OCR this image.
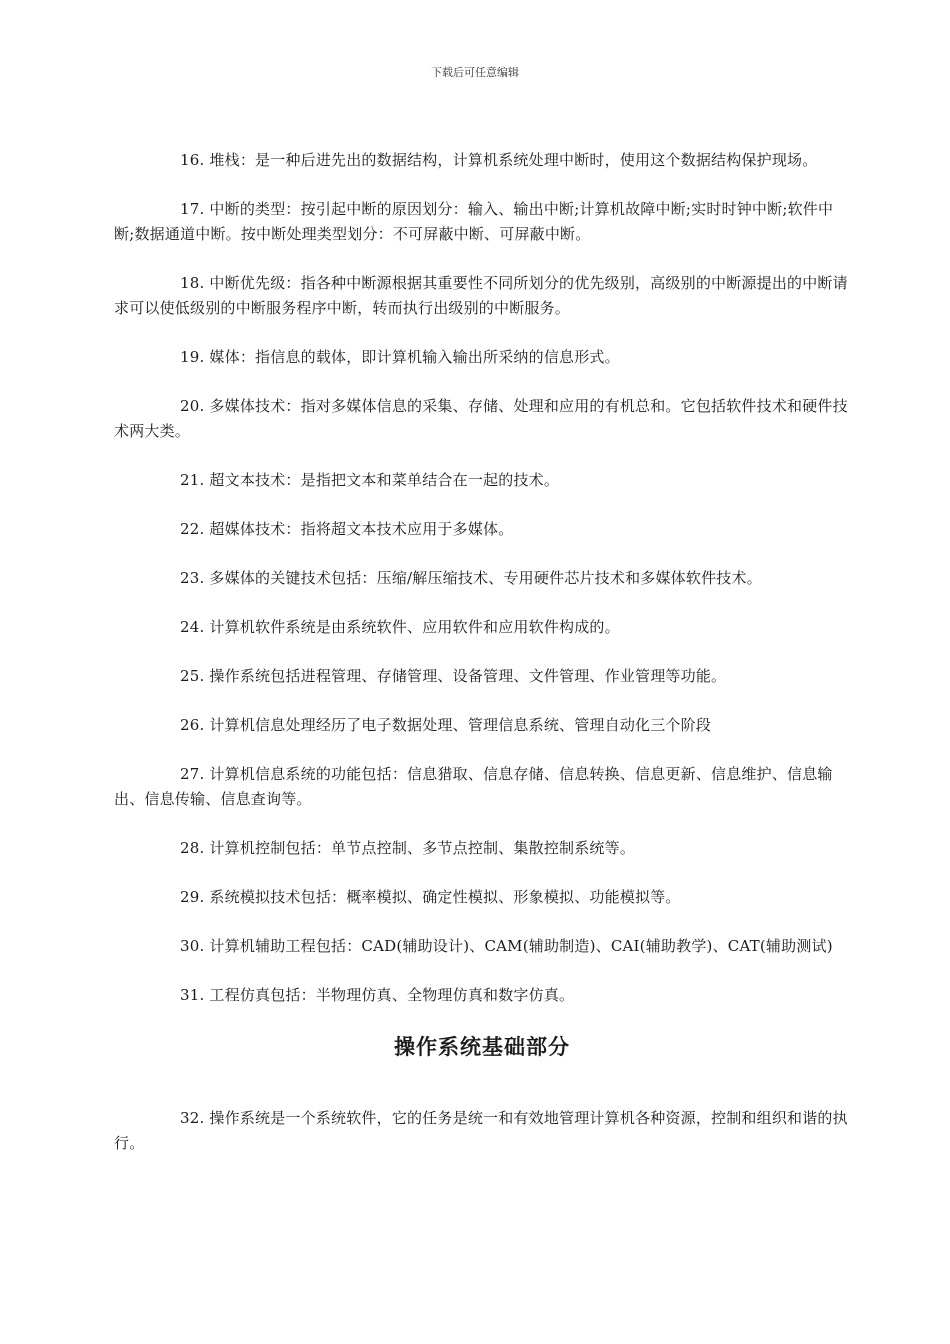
下载后可任意编辑

16. 堆栈：是一种后进先出的数据结构，计算机系统处理中断时，使用这个数据结构保护现场。

17. 中断的类型：按引起中断的原因划分：输入、输出中断;计算机故障中断;实时时钟中断;软件中断;数据通道中断。按中断处理类型划分：不可屏蔽中断、可屏蔽中断。

18. 中断优先级：指各种中断源根据其重要性不同所划分的优先级别，高级别的中断源提出的中断请求可以使低级别的中断服务程序中断，转而执行出级别的中断服务。

19. 媒体：指信息的载体，即计算机输入输出所采纳的信息形式。

20. 多媒体技术：指对多媒体信息的采集、存储、处理和应用的有机总和。它包括软件技术和硬件技术两大类。

21. 超文本技术：是指把文本和菜单结合在一起的技术。

22. 超媒体技术：指将超文本技术应用于多媒体。

23. 多媒体的关键技术包括：压缩/解压缩技术、专用硬件芯片技术和多媒体软件技术。

24. 计算机软件系统是由系统软件、应用软件和应用软件构成的。

25. 操作系统包括进程管理、存储管理、设备管理、文件管理、作业管理等功能。

26. 计算机信息处理经历了电子数据处理、管理信息系统、管理自动化三个阶段

27. 计算机信息系统的功能包括：信息猎取、信息存储、信息转换、信息更新、信息维护、信息输出、信息传输、信息查询等。

28. 计算机控制包括：单节点控制、多节点控制、集散控制系统等。

29. 系统模拟技术包括：概率模拟、确定性模拟、形象模拟、功能模拟等。

30. 计算机辅助工程包括：CAD(辅助设计)、CAM(辅助制造)、CAI(辅助教学)、CAT(辅助测试)

31. 工程仿真包括：半物理仿真、全物理仿真和数字仿真。

操作系统基础部分

32. 操作系统是一个系统软件，它的任务是统一和有效地管理计算机各种资源，控制和组织和谐的执行。
